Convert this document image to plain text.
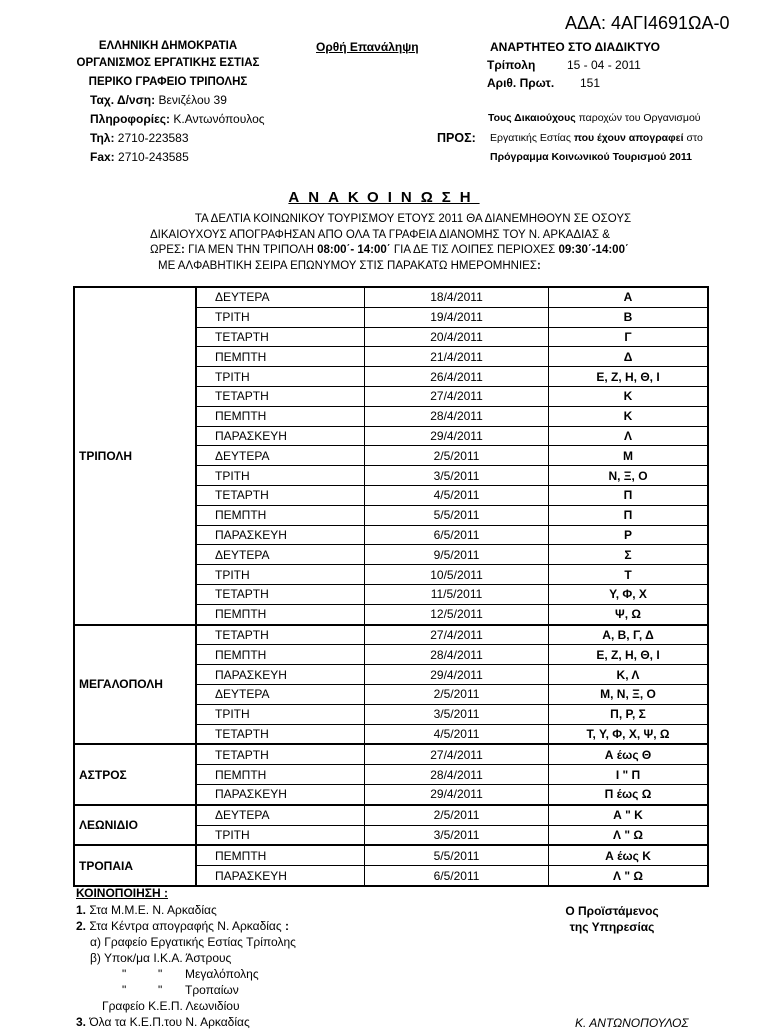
ΑΔΑ: 4ΑΓΙ4691ΩΑ-0
ΕΛΛΗΝΙΚΗ ΔΗΜΟΚΡΑΤΙΑ
ΟΡΓΑΝΙΣΜΟΣ ΕΡΓΑΤΙΚΗΣ ΕΣΤΙΑΣ
ΠΕΡΙΚΟ ΓΡΑΦΕΙΟ ΤΡΙΠΟΛΗΣ
Ταχ. Δ/νση: Βενιζέλου 39
Πληροφορίες: Κ.Αντωνόπουλος
Τηλ: 2710-223583
Fax: 2710-243585
Ορθή Επανάληψη	ΑΝΑΡΤΗΤΕΟ ΣΤΟ ΔΙΑΔΙΚΤΥΟ
Τρίπολη	15 - 04 - 2011
Αριθ. Πρωτ. 151
ΠΡΟΣ:
Τους Δικαιούχους παροχών του Οργανισμού
Εργατικής Εστίας που έχουν απογραφεί στο
Πρόγραμμα Κοινωνικού Τουρισμού 2011
ΑΝΑΚΟΙΝΩΣΗ
ΤΑ ΔΕΛΤΙΑ ΚΟΙΝΩΝΙΚΟΥ ΤΟΥΡΙΣΜΟΥ ΕΤΟΥΣ 2011 ΘΑ ΔΙΑΝΕΜΗΘΟΥΝ ΣΕ ΟΣΟΥΣ
ΔΙΚΑΙΟΥΧΟΥΣ ΑΠΟΓΡΑΦΗΣΑΝ ΑΠΟ ΟΛΑ ΤΑ ΓΡΑΦΕΙΑ ΔΙΑΝΟΜΗΣ ΤΟΥ Ν. ΑΡΚΑΔΙΑΣ &
ΩΡΕΣ: ΓΙΑ ΜΕΝ ΤΗΝ ΤΡΙΠΟΛΗ 08:00΄- 14:00΄ ΓΙΑ ΔΕ ΤΙΣ ΛΟΙΠΕΣ ΠΕΡΙΟΧΕΣ 09:30΄-14:00΄
ΜΕ ΑΛΦΑΒΗΤΙΚΗ ΣΕΙΡΑ ΕΠΩΝΥΜΟΥ ΣΤΙΣ ΠΑΡΑΚΑΤΩ ΗΜΕΡΟΜΗΝΙΕΣ:
ΤΡΙΠΟΛΗ	ΔΕΥΤΕΡΑ	18/4/2011	Α
	ΤΡΙΤΗ	19/4/2011	Β
	ΤΕΤΑΡΤΗ	20/4/2011	Γ
	ΠΕΜΠΤΗ	21/4/2011	Δ
	ΤΡΙΤΗ	26/4/2011	Ε, Ζ, Η, Θ, Ι
	ΤΕΤΑΡΤΗ	27/4/2011	Κ
	ΠΕΜΠΤΗ	28/4/2011	Κ
	ΠΑΡΑΣΚΕΥΗ	29/4/2011	Λ
	ΔΕΥΤΕΡΑ	2/5/2011	Μ
	ΤΡΙΤΗ	3/5/2011	Ν, Ξ, Ο
	ΤΕΤΑΡΤΗ	4/5/2011	Π
	ΠΕΜΠΤΗ	5/5/2011	Π
	ΠΑΡΑΣΚΕΥΗ	6/5/2011	Ρ
	ΔΕΥΤΕΡΑ	9/5/2011	Σ
	ΤΡΙΤΗ	10/5/2011	Τ
	ΤΕΤΑΡΤΗ	11/5/2011	Υ, Φ, Χ
	ΠΕΜΠΤΗ	12/5/2011	Ψ, Ω
ΜΕΓΑΛΟΠΟΛΗ	ΤΕΤΑΡΤΗ	27/4/2011	Α, Β, Γ, Δ
	ΠΕΜΠΤΗ	28/4/2011	Ε, Ζ, Η, Θ, Ι
	ΠΑΡΑΣΚΕΥΗ	29/4/2011	Κ, Λ
	ΔΕΥΤΕΡΑ	2/5/2011	Μ, Ν, Ξ, Ο
	ΤΡΙΤΗ	3/5/2011	Π, Ρ, Σ
	ΤΕΤΑΡΤΗ	4/5/2011	Τ, Υ, Φ, Χ, Ψ, Ω
ΑΣΤΡΟΣ	ΤΕΤΑΡΤΗ	27/4/2011	Α έως Θ
	ΠΕΜΠΤΗ	28/4/2011	Ι " Π
	ΠΑΡΑΣΚΕΥΗ	29/4/2011	Π έως Ω
ΛΕΩΝΙΔΙΟ	ΔΕΥΤΕΡΑ	2/5/2011	Α " Κ
	ΤΡΙΤΗ	3/5/2011	Λ " Ω
ΤΡΟΠΑΙΑ	ΠΕΜΠΤΗ	5/5/2011	Α έως Κ
	ΠΑΡΑΣΚΕΥΗ	6/5/2011	Λ " Ω
ΚΟΙΝΟΠΟΙΗΣΗ :
1. Στα Μ.Μ.Ε. Ν. Αρκαδίας
2. Στα Κέντρα απογραφής Ν. Αρκαδίας :
α) Γραφείο Εργατικής Εστίας Τρίπολης
β) Υποκ/μα Ι.Κ.Α. Άστρους
"	" Μεγαλόπολης
"	" Τροπαίων
Γραφείο Κ.Ε.Π. Λεωνιδίου
3. Όλα τα Κ.Ε.Π.του Ν. Αρκαδίας
Ο Προϊστάμενος
της Υπηρεσίας
Κ. ΑΝΤΩΝΟΠΟΥΛΟΣ
